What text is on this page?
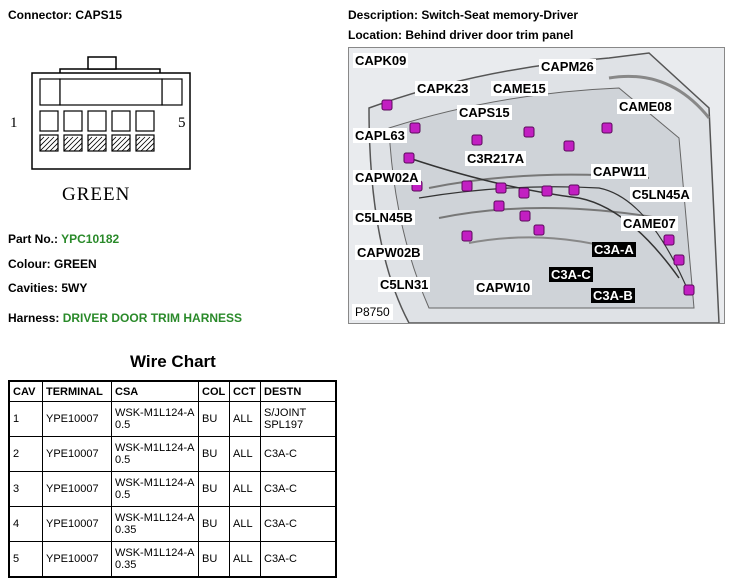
Connector: CAPS15
1	5
GREEN
Part No.: YPC10182
Colour: GREEN
Cavities: 5WY
Harness: DRIVER DOOR TRIM HARNESS
Description: Switch-Seat memory-Driver
Location: Behind driver door trim panel
CAPK09	CAPM26
CAPK23 CAME15
CAME08
CAPS15
CAPL63
C3R217A
CAPW11
CAPW02A
C5LN45A
C5LN45B	CAME07
C3A-A
CAPW02B
C3A-C
C5LN31	CAPW10
C3A-B
P8750
Wire Chart
CAV	TERMINAL	CSA	COL	CCT	DESTN
1	YPE10007	WSK-M1L124-A 0.5	BU	ALL	S/JOINT SPL197
2	YPE10007	WSK-M1L124-A 0.5	BU	ALL	C3A-C
3	YPE10007	WSK-M1L124-A 0.5	BU	ALL	C3A-C
4	YPE10007	WSK-M1L124-A 0.35	BU	ALL	C3A-C
5	YPE10007	WSK-M1L124-A 0.35	BU	ALL	C3A-C
